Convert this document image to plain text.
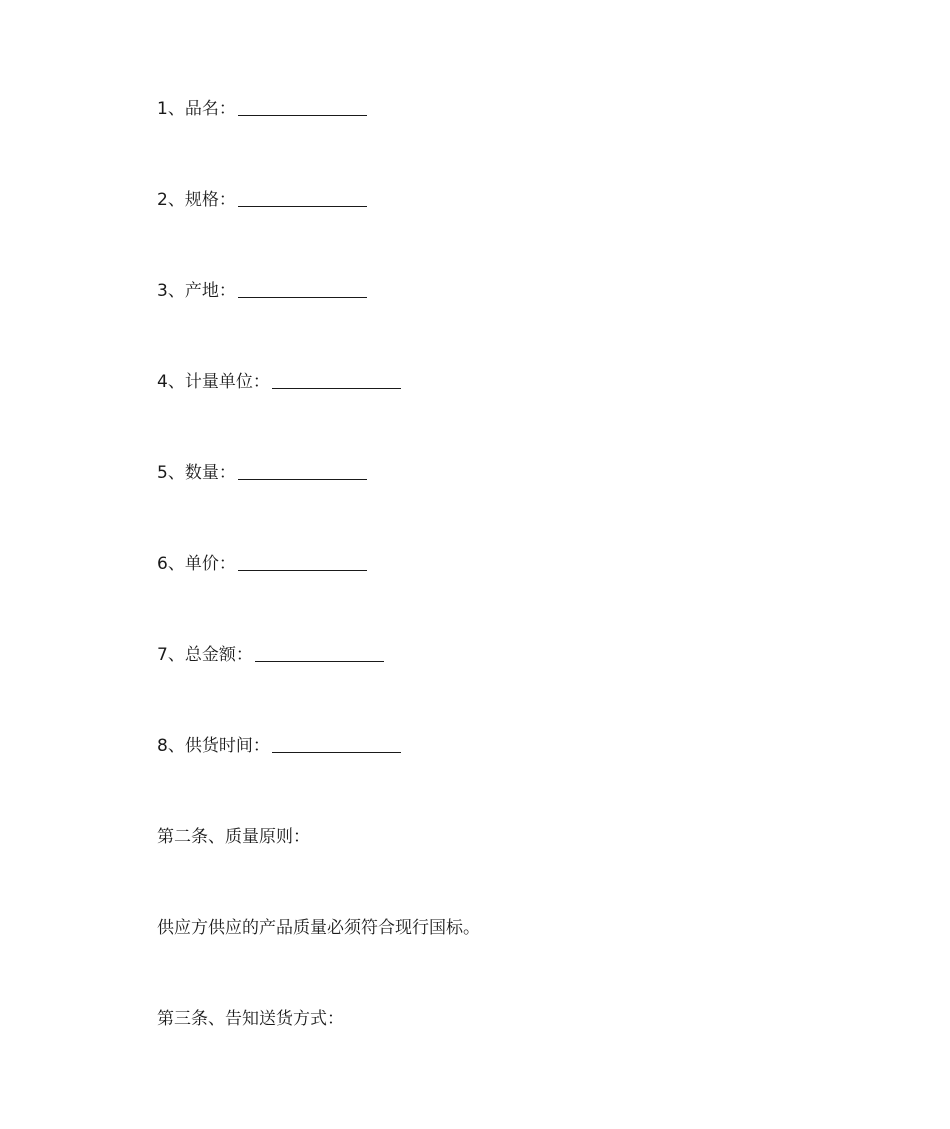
1、品名：
2、规格：
3、产地：
4、计量单位：
5、数量：
6、单价：
7、总金额：
8、供货时间：
第二条、质量原则：
供应方供应的产品质量必须符合现行国标。
第三条、告知送货方式：
